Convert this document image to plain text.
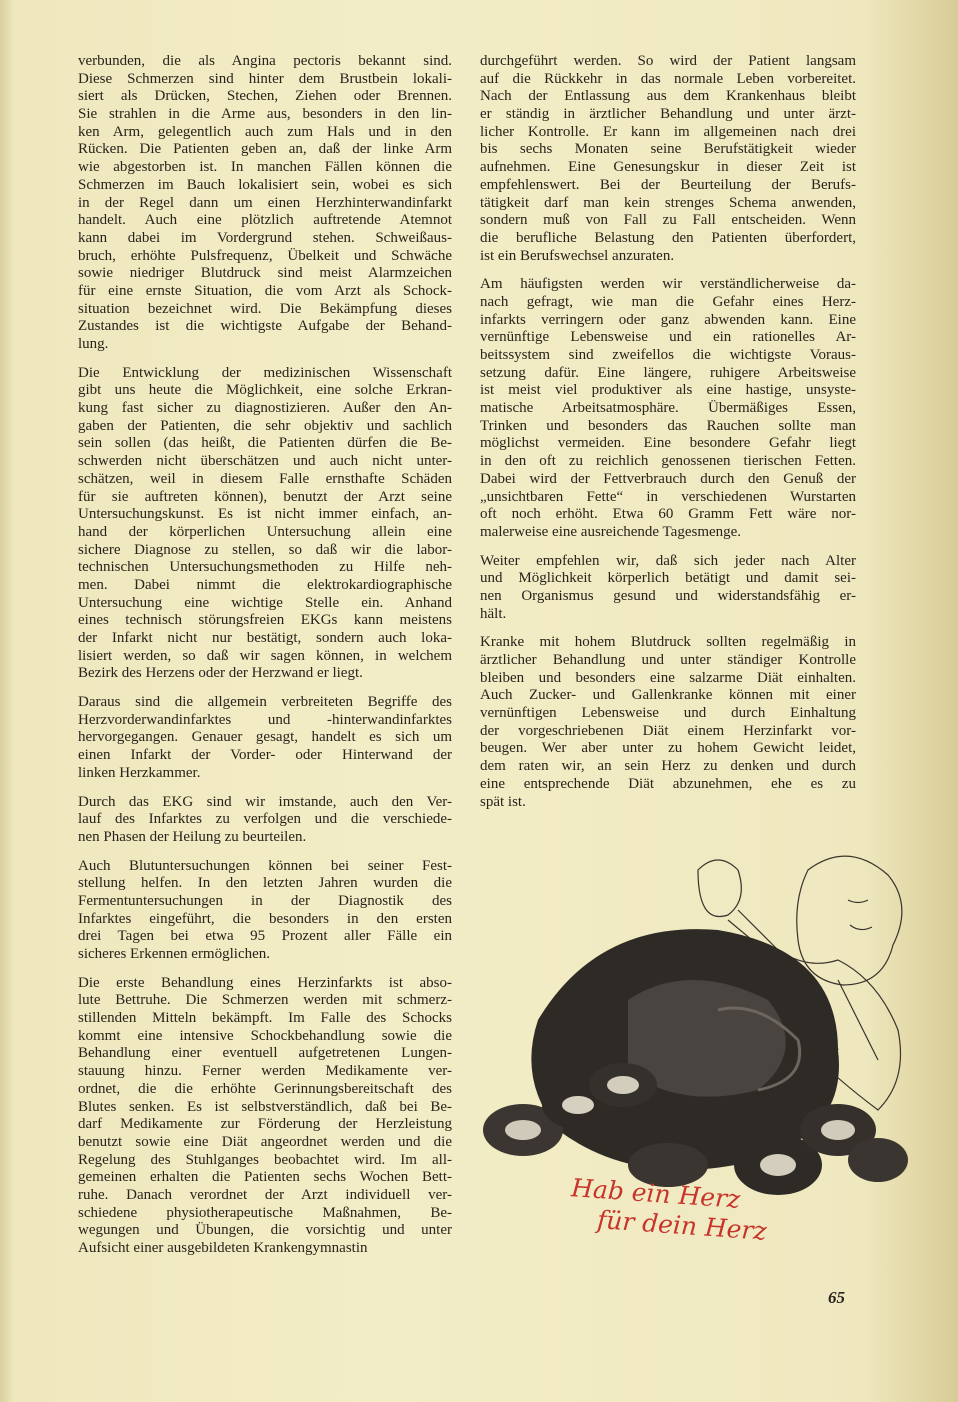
verbunden, die als Angina pectoris bekannt sind.
Diese Schmerzen sind hinter dem Brustbein lokali-
siert als Drücken, Stechen, Ziehen oder Brennen.
Sie strahlen in die Arme aus, besonders in den lin-
ken Arm, gelegentlich auch zum Hals und in den
Rücken. Die Patienten geben an, daß der linke Arm
wie abgestorben ist. In manchen Fällen können die
Schmerzen im Bauch lokalisiert sein, wobei es sich
in der Regel dann um einen Herzhinterwandinfarkt
handelt. Auch eine plötzlich auftretende Atemnot
kann dabei im Vordergrund stehen. Schweißaus-
bruch, erhöhte Pulsfrequenz, Übelkeit und Schwäche
sowie niedriger Blutdruck sind meist Alarmzeichen
für eine ernste Situation, die vom Arzt als Schock-
situation bezeichnet wird. Die Bekämpfung dieses
Zustandes ist die wichtigste Aufgabe der Behand-
lung.
Die Entwicklung der medizinischen Wissenschaft
gibt uns heute die Möglichkeit, eine solche Erkran-
kung fast sicher zu diagnostizieren. Außer den An-
gaben der Patienten, die sehr objektiv und sachlich
sein sollen (das heißt, die Patienten dürfen die Be-
schwerden nicht überschätzen und auch nicht unter-
schätzen, weil in diesem Falle ernsthafte Schäden
für sie auftreten können), benutzt der Arzt seine
Untersuchungskunst. Es ist nicht immer einfach, an-
hand der körperlichen Untersuchung allein eine
sichere Diagnose zu stellen, so daß wir die labor-
technischen Untersuchungsmethoden zu Hilfe neh-
men. Dabei nimmt die elektrokardiographische
Untersuchung eine wichtige Stelle ein. Anhand
eines technisch störungsfreien EKGs kann meistens
der Infarkt nicht nur bestätigt, sondern auch loka-
lisiert werden, so daß wir sagen können, in welchem
Bezirk des Herzens oder der Herzwand er liegt.
Daraus sind die allgemein verbreiteten Begriffe des
Herzvorderwandinfarktes und -hinterwandinfarktes
hervorgegangen. Genauer gesagt, handelt es sich um
einen Infarkt der Vorder- oder Hinterwand der
linken Herzkammer.
Durch das EKG sind wir imstande, auch den Ver-
lauf des Infarktes zu verfolgen und die verschiede-
nen Phasen der Heilung zu beurteilen.
Auch Blutuntersuchungen können bei seiner Fest-
stellung helfen. In den letzten Jahren wurden die
Fermentuntersuchungen in der Diagnostik des
Infarktes eingeführt, die besonders in den ersten
drei Tagen bei etwa 95 Prozent aller Fälle ein
sicheres Erkennen ermöglichen.
Die erste Behandlung eines Herzinfarkts ist abso-
lute Bettruhe. Die Schmerzen werden mit schmerz-
stillenden Mitteln bekämpft. Im Falle des Schocks
kommt eine intensive Schockbehandlung sowie die
Behandlung einer eventuell aufgetretenen Lungen-
stauung hinzu. Ferner werden Medikamente ver-
ordnet, die die erhöhte Gerinnungsbereitschaft des
Blutes senken. Es ist selbstverständlich, daß bei Be-
darf Medikamente zur Förderung der Herzleistung
benutzt sowie eine Diät angeordnet werden und die
Regelung des Stuhlganges beobachtet wird. Im all-
gemeinen erhalten die Patienten sechs Wochen Bett-
ruhe. Danach verordnet der Arzt individuell ver-
schiedene physiotherapeutische Maßnahmen, Be-
wegungen und Übungen, die vorsichtig und unter
Aufsicht einer ausgebildeten Krankengymnastin
durchgeführt werden. So wird der Patient langsam
auf die Rückkehr in das normale Leben vorbereitet.
Nach der Entlassung aus dem Krankenhaus bleibt
er ständig in ärztlicher Behandlung und unter ärzt-
licher Kontrolle. Er kann im allgemeinen nach drei
bis sechs Monaten seine Berufstätigkeit wieder
aufnehmen. Eine Genesungskur in dieser Zeit ist
empfehlenswert. Bei der Beurteilung der Berufs-
tätigkeit darf man kein strenges Schema anwenden,
sondern muß von Fall zu Fall entscheiden. Wenn
die berufliche Belastung den Patienten überfordert,
ist ein Berufswechsel anzuraten.
Am häufigsten werden wir verständlicherweise da-
nach gefragt, wie man die Gefahr eines Herz-
infarkts verringern oder ganz abwenden kann. Eine
vernünftige Lebensweise und ein rationelles Ar-
beitssystem sind zweifellos die wichtigste Voraus-
setzung dafür. Eine längere, ruhigere Arbeitsweise
ist meist viel produktiver als eine hastige, unsyste-
matische Arbeitsatmosphäre. Übermäßiges Essen,
Trinken und besonders das Rauchen sollte man
möglichst vermeiden. Eine besondere Gefahr liegt
in den oft zu reichlich genossenen tierischen Fetten.
Dabei wird der Fettverbrauch durch den Genuß der
„unsichtbaren Fette“ in verschiedenen Wurstarten
oft noch erhöht. Etwa 60 Gramm Fett wäre nor-
malerweise eine ausreichende Tagesmenge.
Weiter empfehlen wir, daß sich jeder nach Alter
und Möglichkeit körperlich betätigt und damit sei-
nen Organismus gesund und widerstandsfähig er-
hält.
Kranke mit hohem Blutdruck sollten regelmäßig in
ärztlicher Behandlung und unter ständiger Kontrolle
bleiben und besonders eine salzarme Diät einhalten.
Auch Zucker- und Gallenkranke können mit einer
vernünftigen Lebensweise und durch Einhaltung
der vorgeschriebenen Diät einem Herzinfarkt vor-
beugen. Wer aber unter zu hohem Gewicht leidet,
dem raten wir, an sein Herz zu denken und durch
eine entsprechende Diät abzunehmen, ehe es zu
spät ist.
Hab ein Herz
für dein Herz
65
